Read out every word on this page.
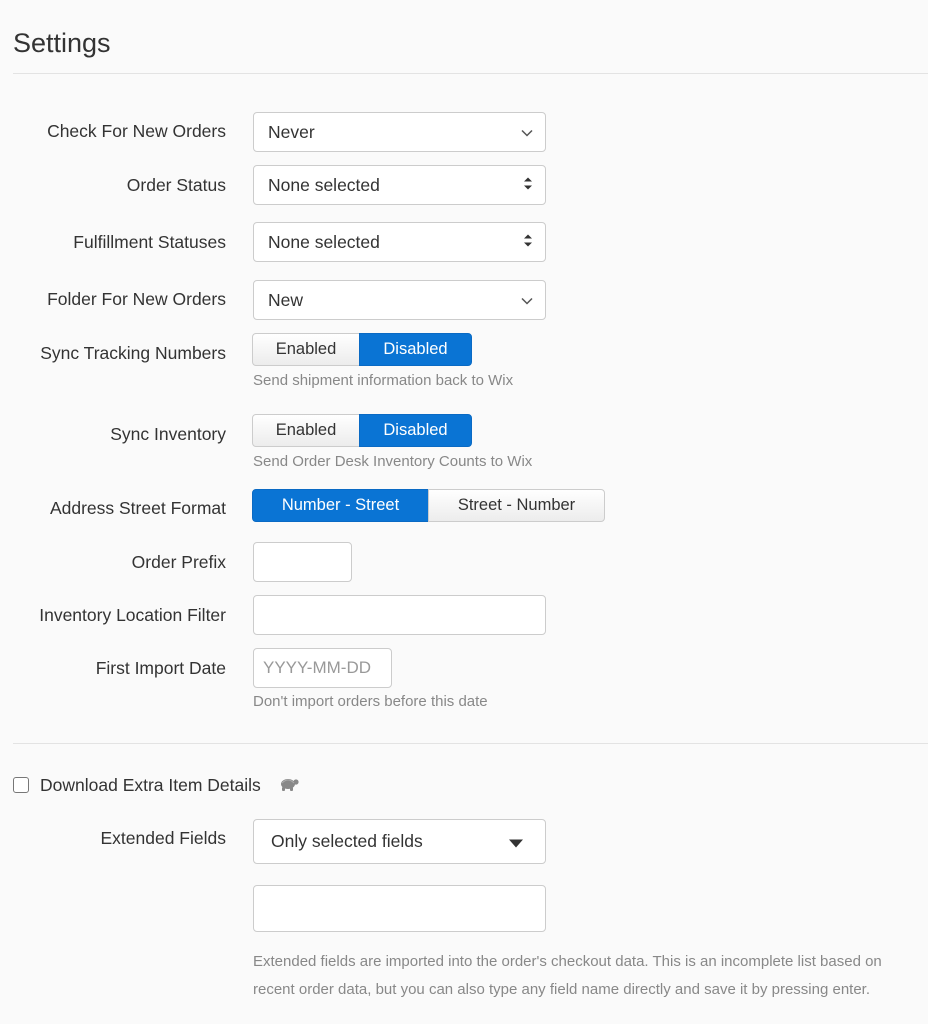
Settings
Check For New Orders Never
Order Status None selected
Fulfillment Statuses None selected
Folder For New Orders New
Sync Tracking Numbers	Enabled	Disabled
Send shipment information back to Wix
Sync Inventory	Enabled	Disabled
Send Order Desk Inventory Counts to Wix
Address Street Format	Number - Street	Street - Number
Order Prefix
Inventory Location Filter
First Import Date YYYY-MM-DD
Don't import orders before this date
Download Extra Item Details
Extended Fields	Only selected fields
Extended fields are imported into the order's checkout data. This is an incomplete list based on recent order data, but you can also type any field name directly and save it by pressing enter.
